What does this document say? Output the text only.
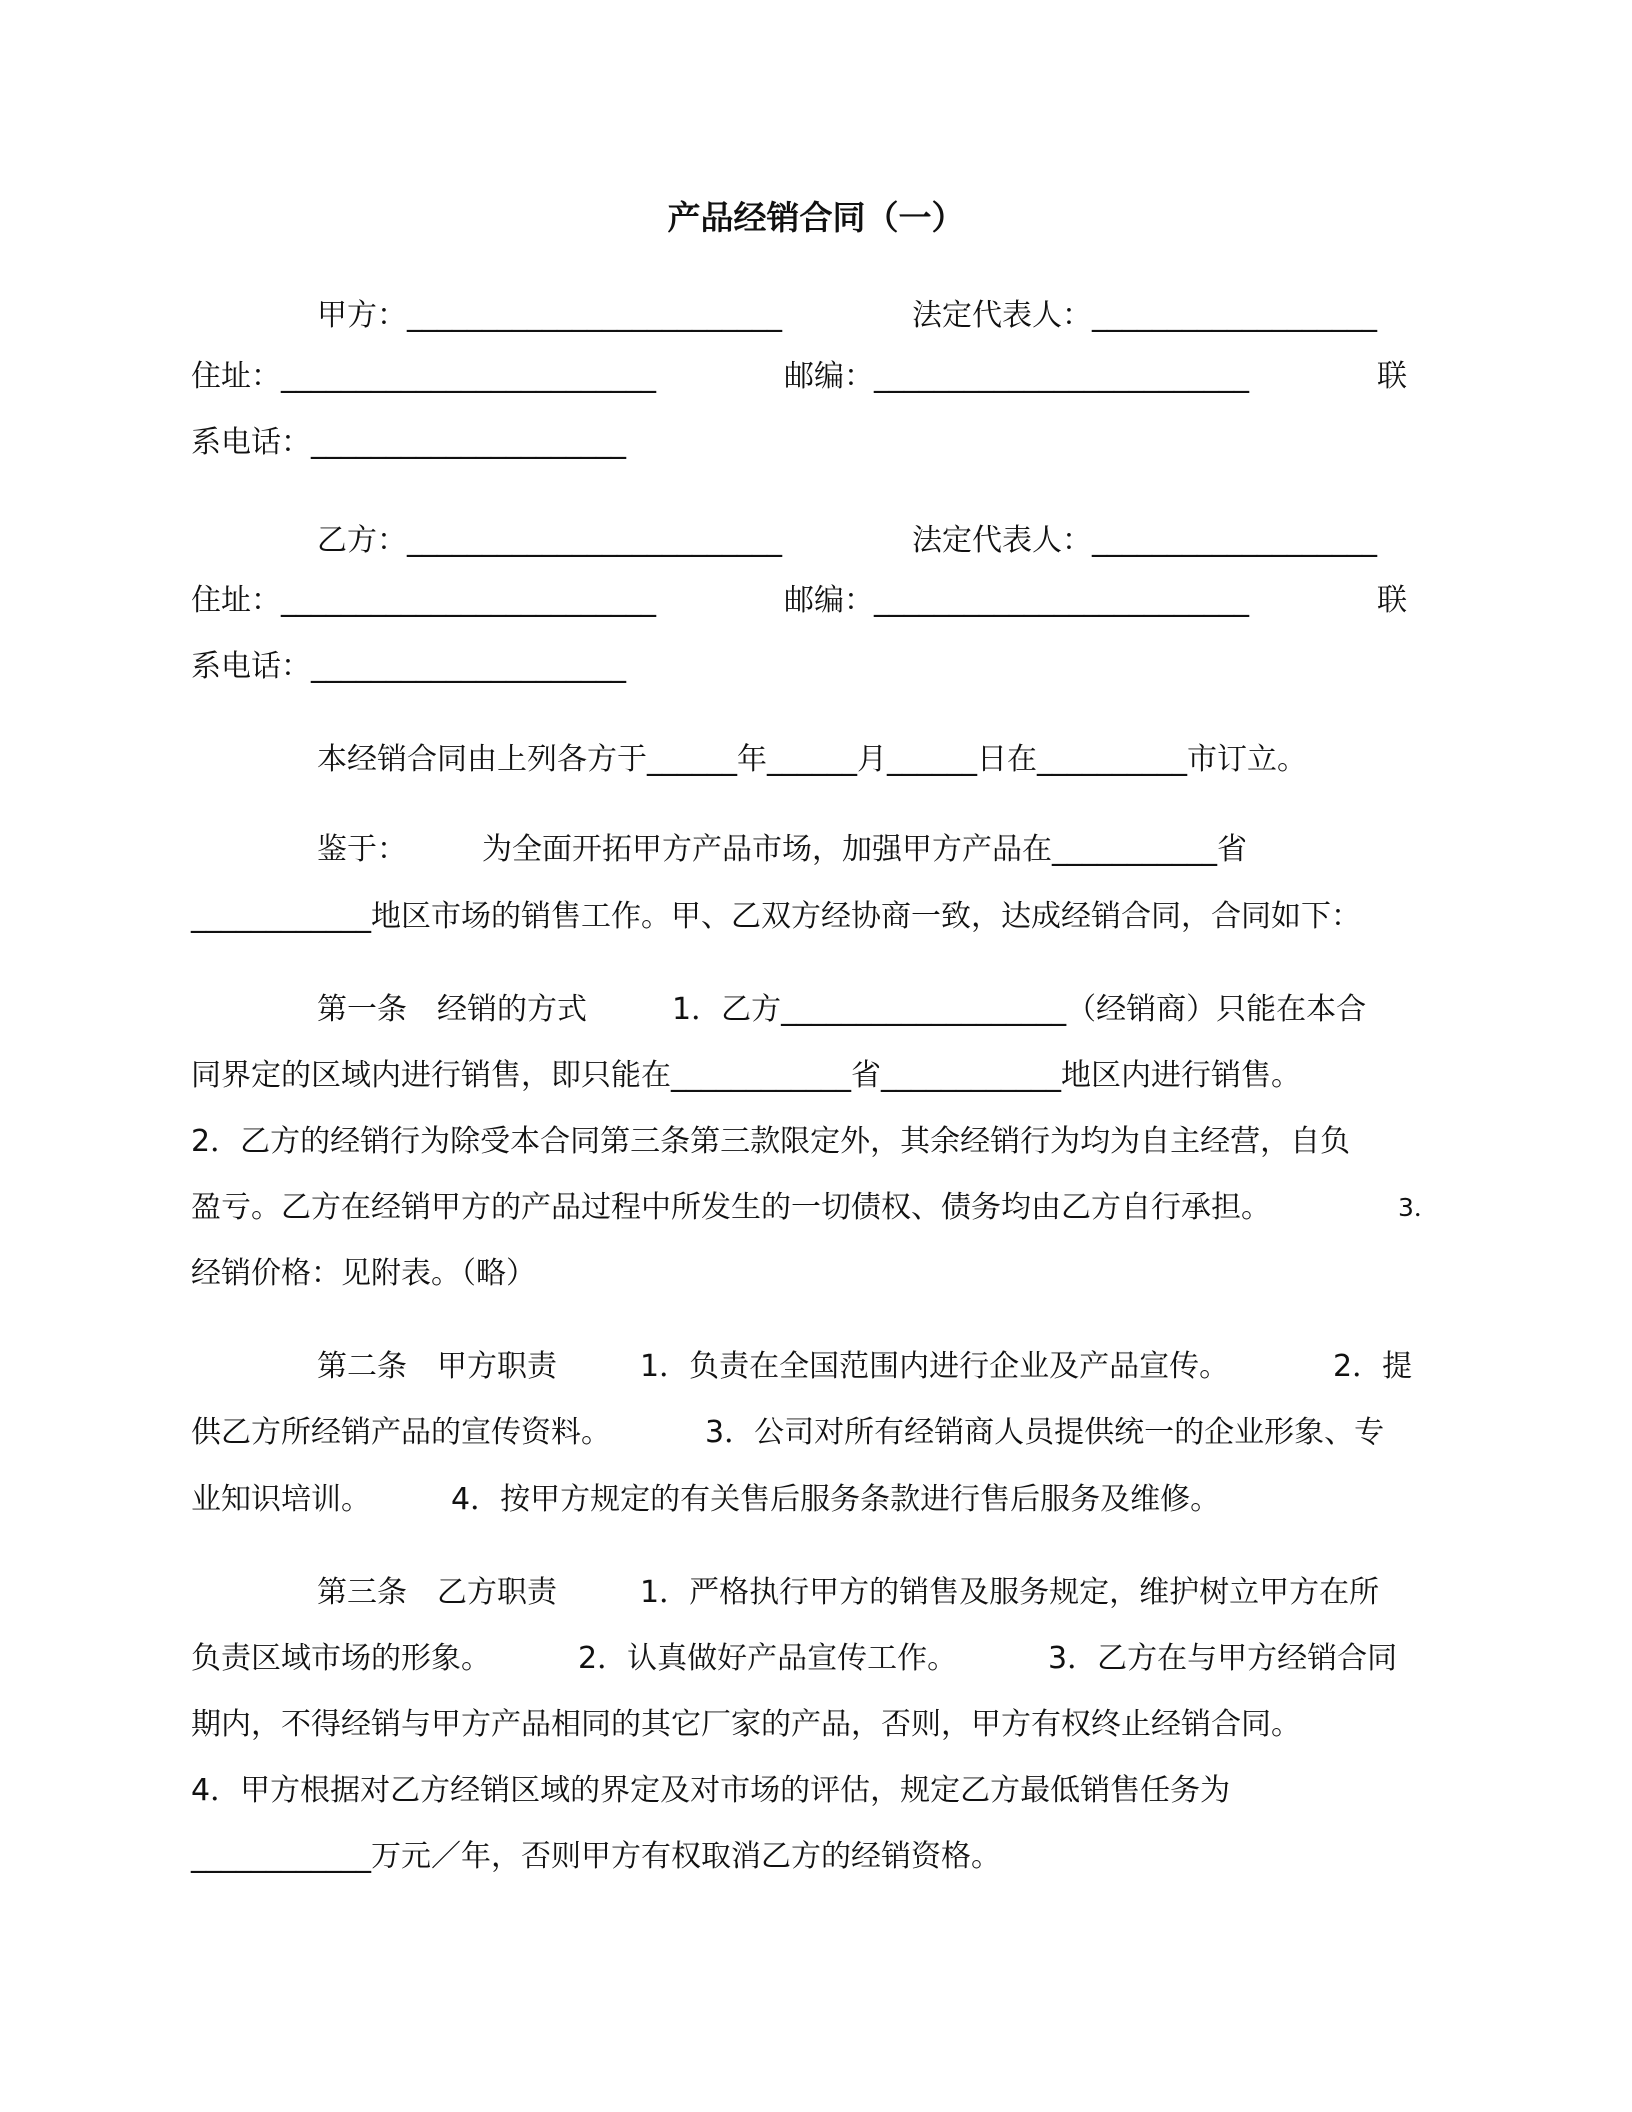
产品经销合同（一）

甲方：_________________________	法定代表人：___________________

住址：_________________________	邮编：_________________________	联

系电话：_____________________

乙方：_________________________	法定代表人：___________________

住址：_________________________	邮编：_________________________	联

系电话：_____________________

本经销合同由上列各方于______年______月______日在__________市订立。

鉴于：	为全面开拓甲方产品市场，加强甲方产品在___________省

____________地区市场的销售工作。甲、乙双方经协商一致，达成经销合同，合同如下：

第一条　经销的方式	1．乙方___________________（经销商）只能在本合

同界定的区域内进行销售，即只能在____________省____________地区内进行销售。

2．乙方的经销行为除受本合同第三条第三款限定外，其余经销行为均为自主经营，自负

盈亏。乙方在经销甲方的产品过程中所发生的一切债权、债务均由乙方自行承担。	3．

经销价格：见附表。（略）

第二条　甲方职责	1．负责在全国范围内进行企业及产品宣传。	2．提

供乙方所经销产品的宣传资料。	3．公司对所有经销商人员提供统一的企业形象、专

业知识培训。	4．按甲方规定的有关售后服务条款进行售后服务及维修。

第三条　乙方职责	1．严格执行甲方的销售及服务规定，维护树立甲方在所

负责区域市场的形象。	2．认真做好产品宣传工作。	3．乙方在与甲方经销合同

期内，不得经销与甲方产品相同的其它厂家的产品，否则，甲方有权终止经销合同。

4．甲方根据对乙方经销区域的界定及对市场的评估，规定乙方最低销售任务为

____________万元／年，否则甲方有权取消乙方的经销资格。
